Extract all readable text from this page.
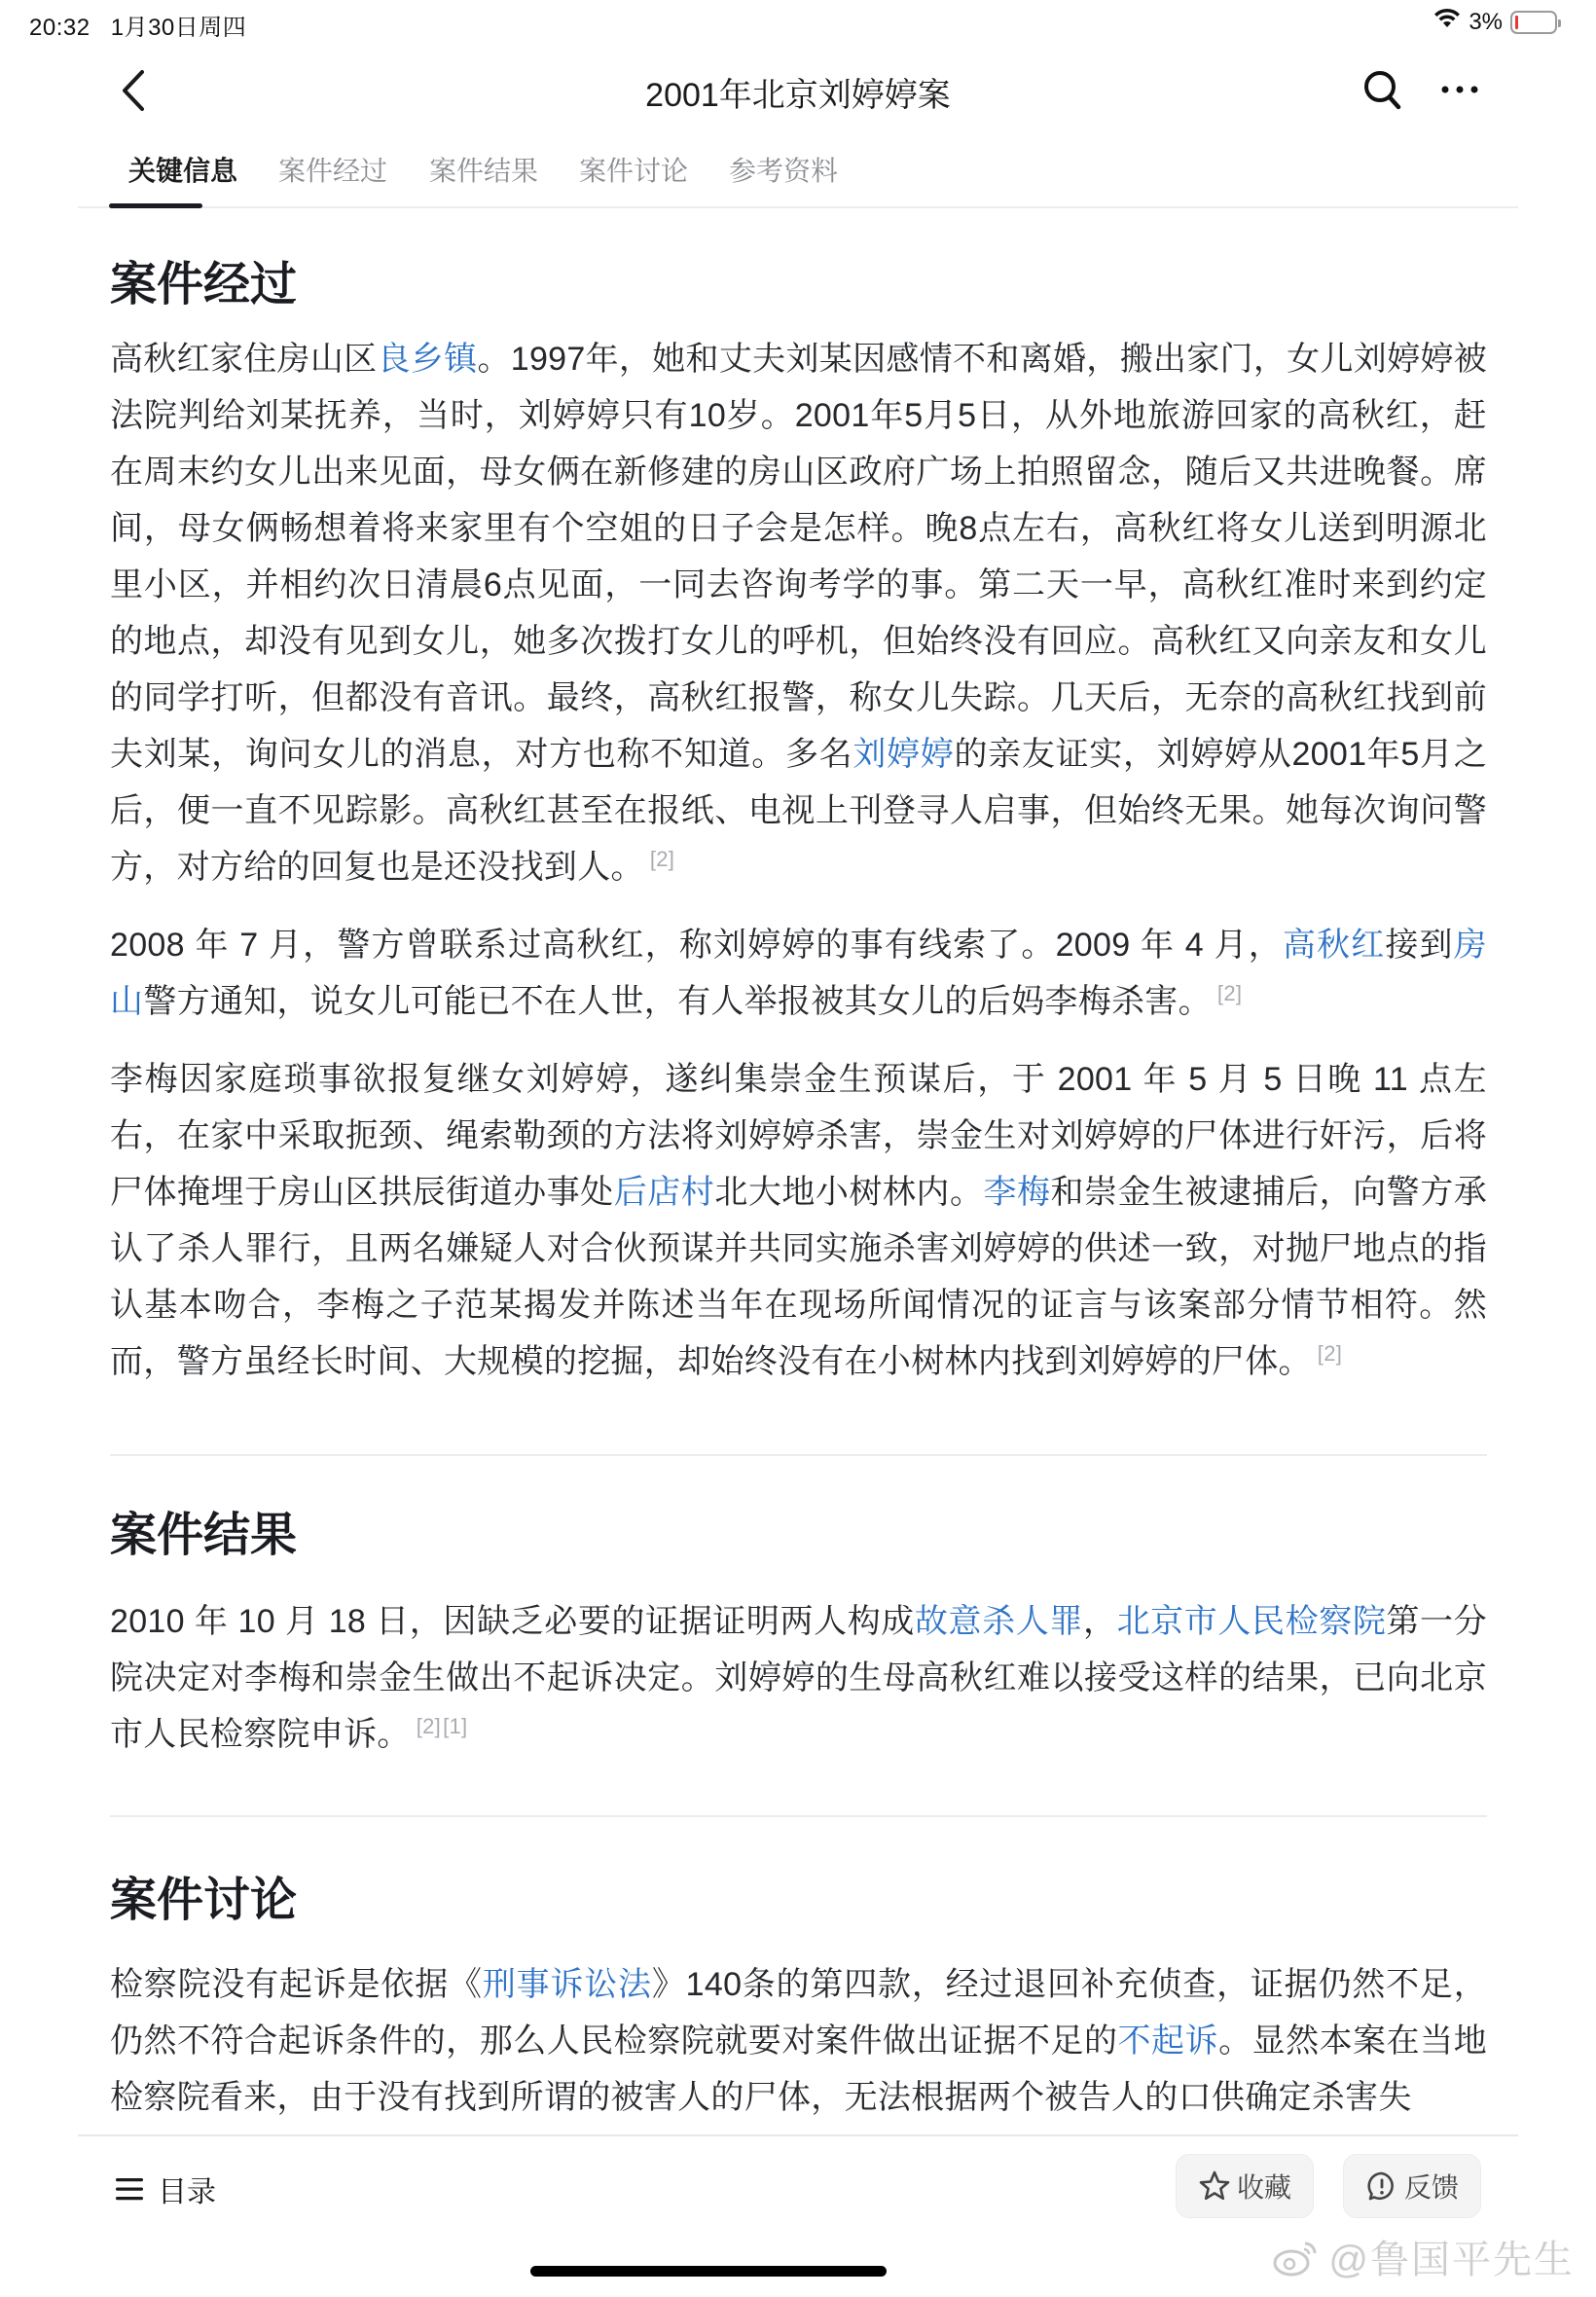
20:32 1月30日周四	3%
2001年北京刘婷婷案
关键信息 案件经过 案件结果 案件讨论 参考资料
案件经过

高秋红家住房山区良乡镇。1997年，她和丈夫刘某因感情不和离婚，搬出家门，女儿刘婷婷被法院判给刘某抚养，当时，刘婷婷只有10岁。2001年5月5日，从外地旅游回家的高秋红，赶在周末约女儿出来见面，母女俩在新修建的房山区政府广场上拍照留念，随后又共进晚餐。席间，母女俩畅想着将来家里有个空姐的日子会是怎样。晚8点左右，高秋红将女儿送到明源北里小区，并相约次日清晨6点见面，一同去咨询考学的事。第二天一早，高秋红准时来到约定的地点，却没有见到女儿，她多次拨打女儿的呼机，但始终没有回应。高秋红又向亲友和女儿的同学打听，但都没有音讯。最终，高秋红报警，称女儿失踪。几天后，无奈的高秋红找到前夫刘某，询问女儿的消息，对方也称不知道。多名刘婷婷的亲友证实，刘婷婷从2001年5月之后，便一直不见踪影。高秋红甚至在报纸、电视上刊登寻人启事，但始终无果。她每次询问警方，对方给的回复也是还没找到人。 [2]

2008 年 7 月，警方曾联系过高秋红，称刘婷婷的事有线索了。2009 年 4 月，高秋红接到房山警方通知，说女儿可能已不在人世，有人举报被其女儿的后妈李梅杀害。 [2]

李梅因家庭琐事欲报复继女刘婷婷，遂纠集崇金生预谋后，于 2001 年 5 月 5 日晚 11 点左右，在家中采取扼颈、绳索勒颈的方法将刘婷婷杀害，崇金生对刘婷婷的尸体进行奸污，后将尸体掩埋于房山区拱辰街道办事处后店村北大地小树林内。李梅和崇金生被逮捕后，向警方承认了杀人罪行，且两名嫌疑人对合伙预谋并共同实施杀害刘婷婷的供述一致，对抛尸地点的指认基本吻合，李梅之子范某揭发并陈述当年在现场所闻情况的证言与该案部分情节相符。然而，警方虽经长时间、大规模的挖掘，却始终没有在小树林内找到刘婷婷的尸体。 [2]

案件结果

2010 年 10 月 18 日，因缺乏必要的证据证明两人构成故意杀人罪，北京市人民检察院第一分院决定对李梅和崇金生做出不起诉决定。刘婷婷的生母高秋红难以接受这样的结果，已向北京市人民检察院申诉。 [2][1]

案件讨论

检察院没有起诉是依据《刑事诉讼法》140条的第四款，经过退回补充侦查，证据仍然不足，仍然不符合起诉条件的，那么人民检察院就要对案件做出证据不足的不起诉。显然本案在当地检察院看来，由于没有找到所谓的被害人的尸体，无法根据两个被告人的口供确定杀害失

目录	收藏	反馈
@鲁国平先生
